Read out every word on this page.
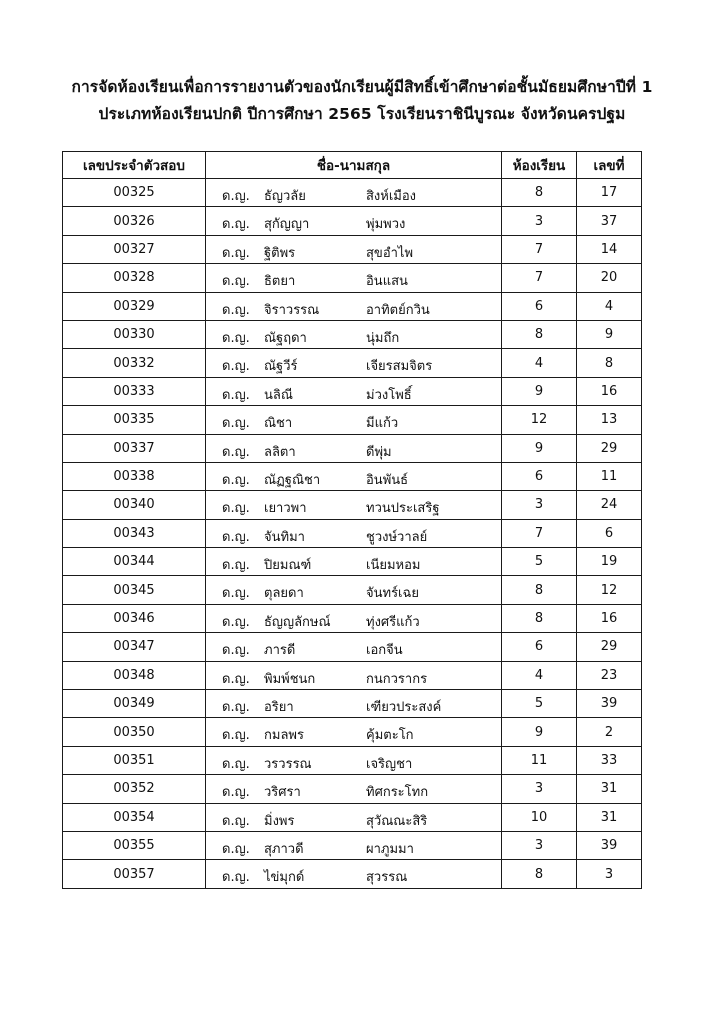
การจัดห้องเรียนเพื่อการรายงานตัวของนักเรียนผู้มีสิทธิ์เข้าศึกษาต่อชั้นมัธยมศึกษาปีที่ 1
ประเภทห้องเรียนปกติ ปีการศึกษา 2565 โรงเรียนราชินีบูรณะ จังหวัดนครปฐม
เลขประจำตัวสอบ	ชื่อ-นามสกุล	ห้องเรียน	เลขที่
00325	ด.ญ. ธัญวลัย สิงห์เมือง	8	17
00326	ด.ญ. สุกัญญา พุ่มพวง	3	37
00327	ด.ญ. ฐิติพร สุขอำไพ	7	14
00328	ด.ญ. ธิตยา อินแสน	7	20
00329	ด.ญ. จิราวรรณ อาทิตย์กวิน	6	4
00330	ด.ญ. ณัฐฤดา นุ่มถึก	8	9
00332	ด.ญ. ณัฐวีร์ เจียรสมจิตร	4	8
00333	ด.ญ. นลิณี ม่วงโพธิ์	9	16
00335	ด.ญ. ณิชา มีแก้ว	12	13
00337	ด.ญ. ลลิตา ดีพุ่ม	9	29
00338	ด.ญ. ณัฏฐณิชา อินพันธ์	6	11
00340	ด.ญ. เยาวพา ทวนประเสริฐ	3	24
00343	ด.ญ. จันทิมา ชูวงษ์วาลย์	7	6
00344	ด.ญ. ปิยมณฑ์ เนียมหอม	5	19
00345	ด.ญ. ตุลยดา จันทร์เฉย	8	12
00346	ด.ญ. ธัญญลักษณ์ ทุ่งศรีแก้ว	8	16
00347	ด.ญ. ภารดี เอกจีน	6	29
00348	ด.ญ. พิมพ์ชนก กนกวรากร	4	23
00349	ด.ญ. อริยา เฑียวประสงค์	5	39
00350	ด.ญ. กมลพร คุ้มตะโก	9	2
00351	ด.ญ. วรวรรณ เจริญชา	11	33
00352	ด.ญ. วริศรา ทิศกระโทก	3	31
00354	ด.ญ. มิ่งพร สุวัณณะสิริ	10	31
00355	ด.ญ. สุภาวดี ผาภูมมา	3	39
00357	ด.ญ. ไข่มุกด์ สุวรรณ	8	3
